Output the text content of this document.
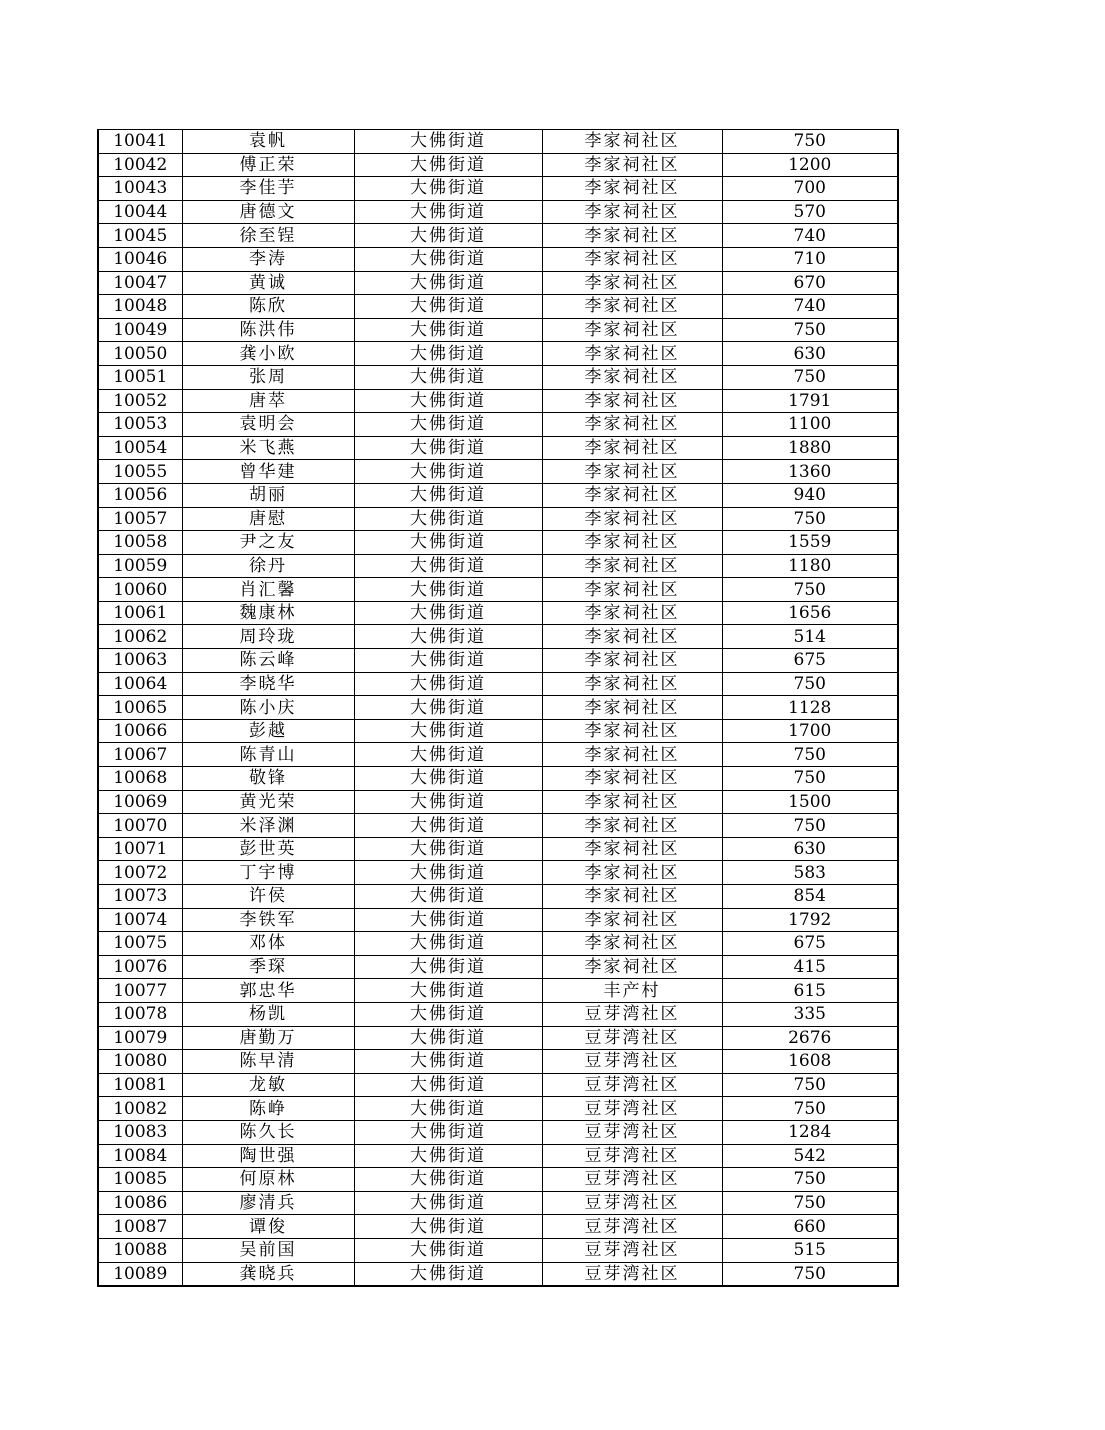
10041	袁帆	大佛街道	李家祠社区	750
10042	傅正荣	大佛街道	李家祠社区	1200
10043	李佳芋	大佛街道	李家祠社区	700
10044	唐德文	大佛街道	李家祠社区	570
10045	徐至锃	大佛街道	李家祠社区	740
10046	李涛	大佛街道	李家祠社区	710
10047	黄诚	大佛街道	李家祠社区	670
10048	陈欣	大佛街道	李家祠社区	740
10049	陈洪伟	大佛街道	李家祠社区	750
10050	龚小欧	大佛街道	李家祠社区	630
10051	张周	大佛街道	李家祠社区	750
10052	唐萃	大佛街道	李家祠社区	1791
10053	袁明会	大佛街道	李家祠社区	1100
10054	米飞燕	大佛街道	李家祠社区	1880
10055	曾华建	大佛街道	李家祠社区	1360
10056	胡丽	大佛街道	李家祠社区	940
10057	唐慰	大佛街道	李家祠社区	750
10058	尹之友	大佛街道	李家祠社区	1559
10059	徐丹	大佛街道	李家祠社区	1180
10060	肖汇馨	大佛街道	李家祠社区	750
10061	魏康林	大佛街道	李家祠社区	1656
10062	周玲珑	大佛街道	李家祠社区	514
10063	陈云峰	大佛街道	李家祠社区	675
10064	李晓华	大佛街道	李家祠社区	750
10065	陈小庆	大佛街道	李家祠社区	1128
10066	彭越	大佛街道	李家祠社区	1700
10067	陈青山	大佛街道	李家祠社区	750
10068	敬锋	大佛街道	李家祠社区	750
10069	黄光荣	大佛街道	李家祠社区	1500
10070	米泽渊	大佛街道	李家祠社区	750
10071	彭世英	大佛街道	李家祠社区	630
10072	丁宇博	大佛街道	李家祠社区	583
10073	许侯	大佛街道	李家祠社区	854
10074	李铁军	大佛街道	李家祠社区	1792
10075	邓体	大佛街道	李家祠社区	675
10076	季琛	大佛街道	李家祠社区	415
10077	郭忠华	大佛街道	丰产村	615
10078	杨凯	大佛街道	豆芽湾社区	335
10079	唐勤万	大佛街道	豆芽湾社区	2676
10080	陈早清	大佛街道	豆芽湾社区	1608
10081	龙敏	大佛街道	豆芽湾社区	750
10082	陈峥	大佛街道	豆芽湾社区	750
10083	陈久长	大佛街道	豆芽湾社区	1284
10084	陶世强	大佛街道	豆芽湾社区	542
10085	何原林	大佛街道	豆芽湾社区	750
10086	廖清兵	大佛街道	豆芽湾社区	750
10087	谭俊	大佛街道	豆芽湾社区	660
10088	吴前国	大佛街道	豆芽湾社区	515
10089	龚晓兵	大佛街道	豆芽湾社区	750
